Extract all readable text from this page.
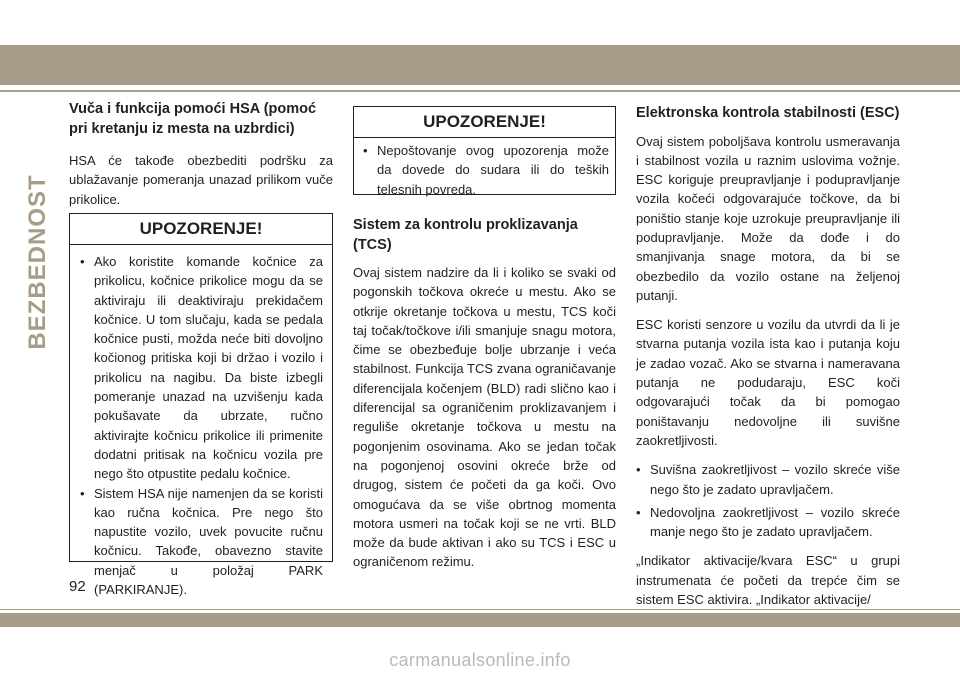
BEZBEDNOST
Vuča i funkcija pomoći HSA (pomoć pri kretanju iz mesta na uzbrdici)

HSA će takođe obezbediti podršku za ublažavanje pomeranja unazad prilikom vuče prikolice.

UPOZORENJE!
• Ako koristite komande kočnice za prikolicu, kočnice prikolice mogu da se aktiviraju ili deaktiviraju prekidačem kočnice. U tom slučaju, kada se pedala kočnice pusti, možda neće biti dovoljno kočionog pritiska koji bi držao i vozilo i prikolicu na nagibu. Da biste izbegli pomeranje unazad na uzvišenju kada pokušavate da ubrzate, ručno aktivirajte kočnicu prikolice ili primenite dodatni pritisak na kočnicu vozila pre nego što otpustite pedalu kočnice.
• Sistem HSA nije namenjen da se koristi kao ručna kočnica. Pre nego što napustite vozilo, uvek povucite ručnu kočnicu. Takođe, obavezno stavite menjač u položaj PARK (PARKIRANJE).
UPOZORENJE!
• Nepoštovanje ovog upozorenja može da dovede do sudara ili do teških telesnih povreda.
Sistem za kontrolu proklizavanja (TCS)

Ovaj sistem nadzire da li i koliko se svaki od pogonskih točkova okreće u mestu. Ako se otkrije okretanje točkova u mestu, TCS koči taj točak/točkove i/ili smanjuje snagu motora, čime se obezbeđuje bolje ubrzanje i veća stabilnost. Funkcija TCS zvana ograničavanje diferencijala kočenjem (BLD) radi slično kao i diferencijal sa ograničenim proklizavanjem i reguliše okretanje točkova u mestu na pogonjenim osovinama. Ako se jedan točak na pogonjenoj osovini okreće brže od drugog, sistem će početi da ga koči. Ovo omogućava da se više obrtnog momenta motora usmeri na točak koji se ne vrti. BLD može da bude aktivan i ako su TCS i ESC u ograničenom režimu.

Elektronska kontrola stabilnosti (ESC)

Ovaj sistem poboljšava kontrolu usmeravanja i stabilnost vozila u raznim uslovima vožnje. ESC koriguje preupravljanje i podupravljanje vozila kočeći odgovarajuće točkove, da bi poništio stanje koje uzrokuje preupravljanje ili podupravljanje. Može da dođe i do smanjivanja snage motora, da bi se obezbedilo da vozilo ostane na željenoj putanji.

ESC koristi senzore u vozilu da utvrdi da li je stvarna putanja vozila ista kao i putanja koju je zadao vozač. Ako se stvarna i nameravana putanja ne podudaraju, ESC koči odgovarajući točak da bi pomogao poništavanju nedovoljne ili suvišne zaokretljivosti.

• Suvišna zaokretljivost – vozilo skreće više nego što je zadato upravljačem.
• Nedovoljna zaokretljivost – vozilo skreće manje nego što je zadato upravljačem.

„Indikator aktivacije/kvara ESC“ u grupi instrumenata će početi da trepće čim se sistem ESC aktivira. „Indikator aktivacije/

92
carmanualsonline.info
